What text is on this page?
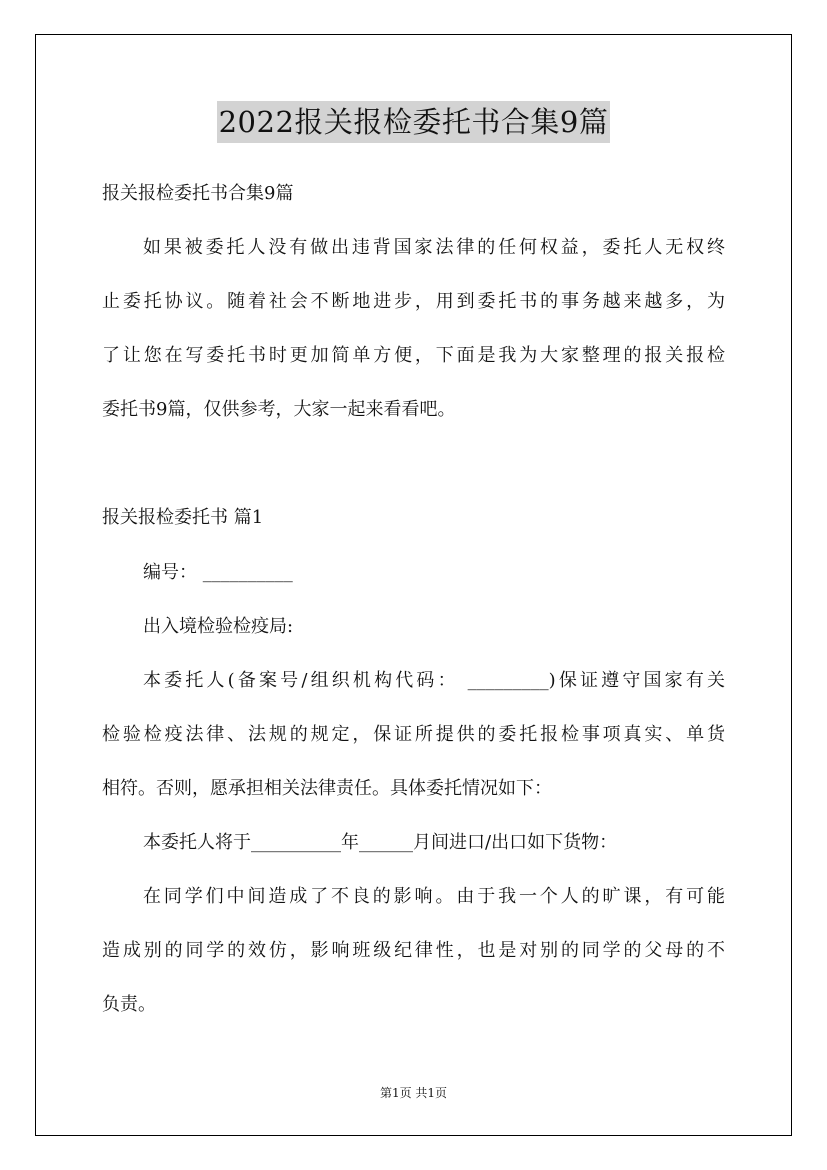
2022报关报检委托书合集9篇
报关报检委托书合集9篇
如果被委托人没有做出违背国家法律的任何权益，委托人无权终
止委托协议。随着社会不断地进步，用到委托书的事务越来越多，为
了让您在写委托书时更加简单方便，下面是我为大家整理的报关报检
委托书9篇，仅供参考，大家一起来看看吧。
报关报检委托书 篇1
编号： __________
出入境检验检疫局:
本委托人(备案号/组织机构代码： _________)保证遵守国家有关
检验检疫法律、法规的规定，保证所提供的委托报检事项真实、单货
相符。否则，愿承担相关法律责任。具体委托情况如下：
本委托人将于__________年______月间进口/出口如下货物：
在同学们中间造成了不良的影响。由于我一个人的旷课，有可能
造成别的同学的效仿，影响班级纪律性，也是对别的同学的父母的不
负责。
第1页 共1页
